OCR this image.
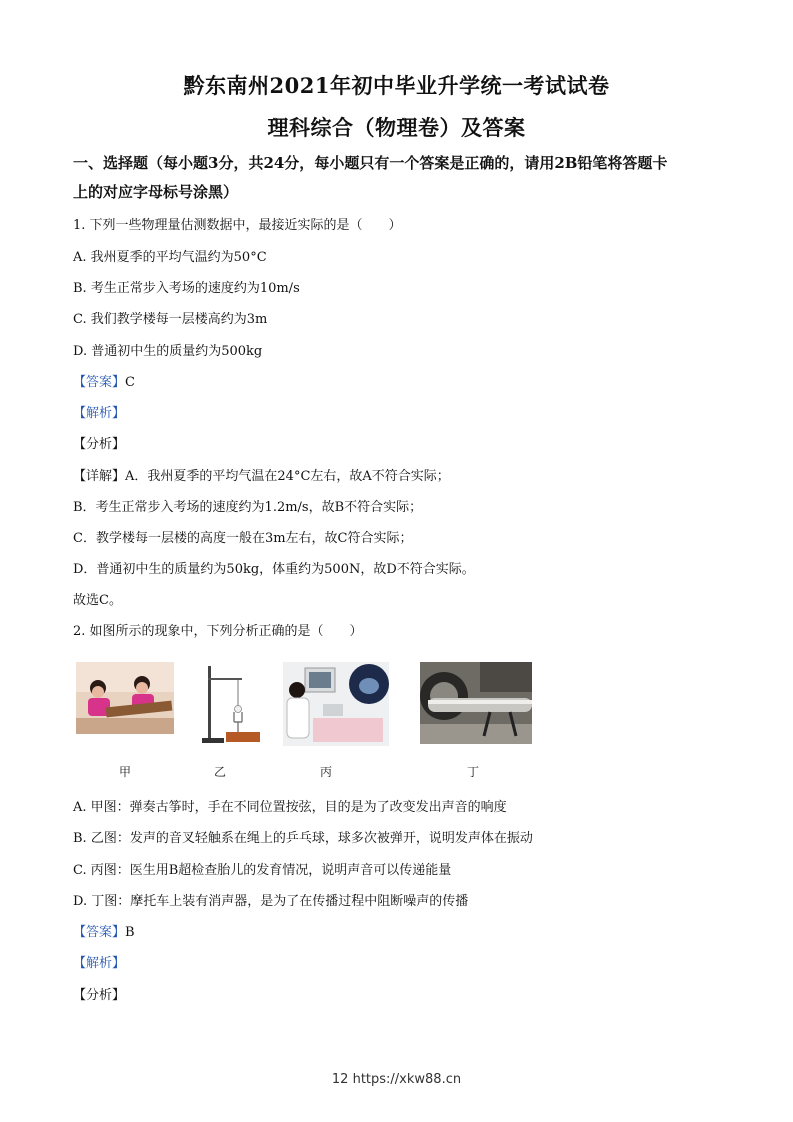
黔东南州2021年初中毕业升学统一考试试卷
理科综合（物理卷）及答案
一、选择题（每小题3分，共24分，每小题只有一个答案是正确的，请用2B铅笔将答题卡
上的对应字母标号涂黑）
1. 下列一些物理量估测数据中，最接近实际的是（　　）
A. 我州夏季的平均气温约为50°C
B. 考生正常步入考场的速度约为10m/s
C. 我们教学楼每一层楼高约为3m
D. 普通初中生的质量约为500kg
【答案】C
【解析】
【分析】
【详解】A．我州夏季的平均气温在24°C左右，故A不符合实际；
B．考生正常步入考场的速度约为1.2m/s，故B不符合实际；
C．教学楼每一层楼的高度一般在3m左右，故C符合实际；
D．普通初中生的质量约为50kg，体重约为500N，故D不符合实际。
故选C。
2. 如图所示的现象中，下列分析正确的是（　　）
甲	乙	丙	丁
A. 甲图：弹奏古筝时，手在不同位置按弦，目的是为了改变发出声音的响度
B. 乙图：发声的音叉轻触系在绳上的乒乓球，球多次被弹开，说明发声体在振动
C. 丙图：医生用B超检查胎儿的发育情况，说明声音可以传递能量
D. 丁图：摩托车上装有消声器，是为了在传播过程中阻断噪声的传播
【答案】B
【解析】
【分析】
12 https://xkw88.cn
